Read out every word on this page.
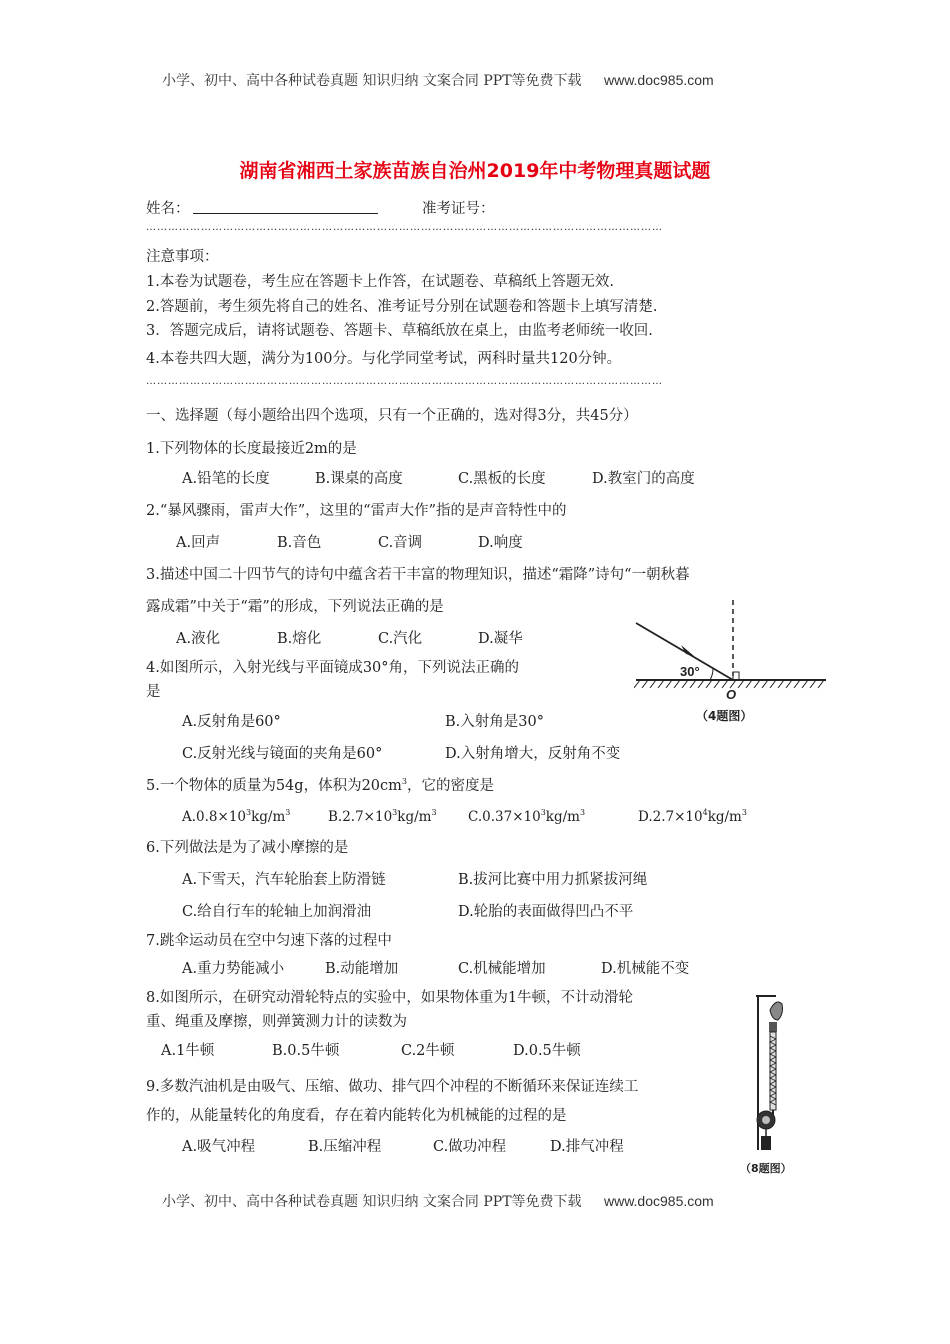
小学、初中、高中各种试卷真题 知识归纳 文案合同 PPT等免费下载 www.doc985.com
湖南省湘西土家族苗族自治州2019年中考物理真题试题
姓名：	准考证号：
……………………………………………………………………………………………………………………………
注意事项：
1.本卷为试题卷，考生应在答题卡上作答，在试题卷、草稿纸上答题无效.
2.答题前，考生须先将自己的姓名、准考证号分别在试题卷和答题卡上填写清楚.
3．答题完成后，请将试题卷、答题卡、草稿纸放在桌上，由监考老师统一收回.
4.本卷共四大题，满分为100分。与化学同堂考试，两科时量共120分钟。
……………………………………………………………………………………………………………………………
一、选择题（每小题给出四个选项，只有一个正确的，选对得3分，共45分）
1.下列物体的长度最接近2m的是
A.铅笔的长度	B.课桌的高度	C.黑板的长度	D.教室门的高度
2.“暴风骤雨，雷声大作”，这里的“雷声大作”指的是声音特性中的
A.回声	B.音色	C.音调	D.响度
3.描述中国二十四节气的诗句中蕴含若干丰富的物理知识，描述“霜降”诗句“一朝秋暮
露成霜”中关于“霜”的形成，下列说法正确的是
A.液化	B.熔化	C.汽化	D.凝华
30°
O
（4题图）
4.如图所示，入射光线与平面镜成30°角，下列说法正确的
是
A.反射角是60°	B.入射角是30°
C.反射光线与镜面的夹角是60°	D.入射角增大，反射角不变
5.一个物体的质量为54g，体积为$20cm^3$，它的密度是
$A.0.8\times 10^3kg/m^3$	$B.2.7\times 10^3kg/m^3$ $C.0.37\times 10^3kg/m^3$	$D.2.7\times 10^4kg/m^3$
6.下列做法是为了减小摩擦的是
A.下雪天，汽车轮胎套上防滑链	B.拔河比赛中用力抓紧拔河绳
C.给自行车的轮轴上加润滑油	D.轮胎的表面做得凹凸不平
7.跳伞运动员在空中匀速下落的过程中
A.重力势能减小	B.动能增加	C.机械能增加	D.机械能不变
8.如图所示，在研究动滑轮特点的实验中，如果物体重为1牛顿，不计动滑轮
重、绳重及摩擦，则弹簧测力计的读数为
A.1牛顿	B.0.5牛顿	C.2牛顿	D.0.5牛顿
（8题图）
9.多数汽油机是由吸气、压缩、做功、排气四个冲程的不断循环来保证连续工
作的，从能量转化的角度看，存在着内能转化为机械能的过程的是
A.吸气冲程	B.压缩冲程	C.做功冲程	D.排气冲程
小学、初中、高中各种试卷真题 知识归纳 文案合同 PPT等免费下载 www.doc985.com
